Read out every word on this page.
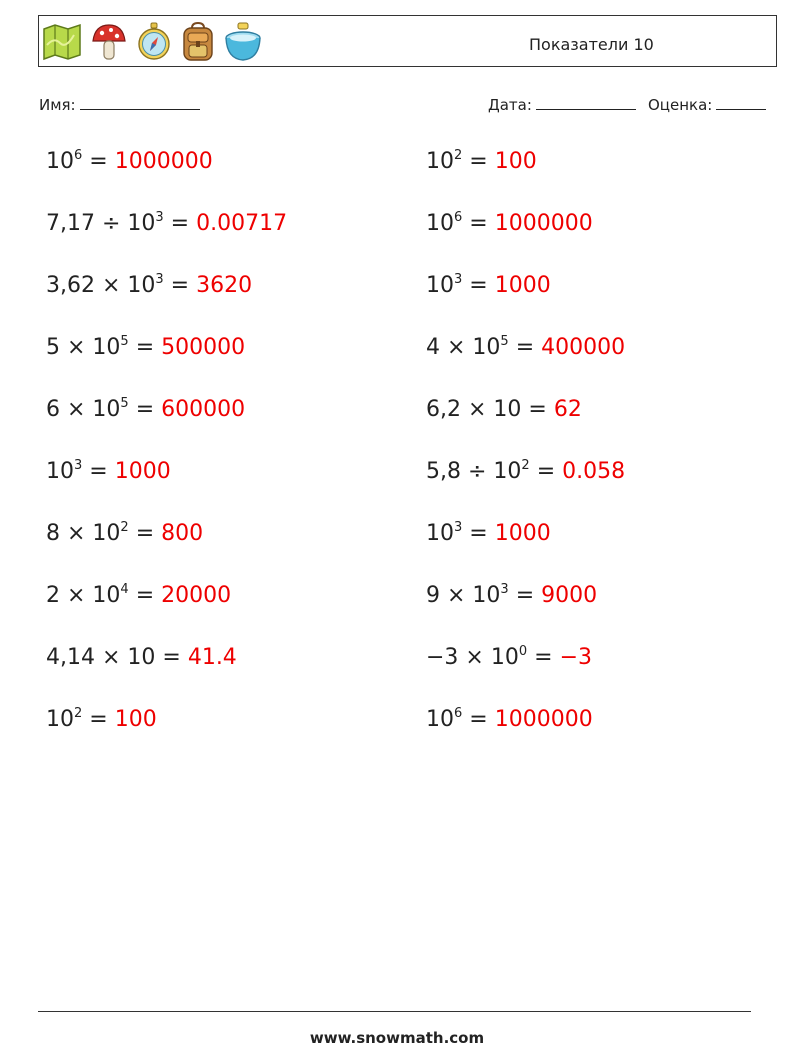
Показатели 10
Имя:	Дата:	Оценка:
$10^6 = 1000000$	$10^2 = 100$
$7,17 \div 10^3 = 0.00717$	$10^6 = 1000000$
$3,62 \times 10^3 = 3620$	$10^3 = 1000$
$5 \times 10^5 = 500000$	$4 \times 10^5 = 400000$
$6 \times 10^5 = 600000$	6,2 × 10 = 62
$10^3 = 1000$	$5,8 \div 10^2 = 0.058$
$8 \times 10^2 = 800$	$10^3 = 1000$
$2 \times 10^4 = 20000$	$9 \times 10^3 = 9000$
4,14 × 10 = 41.4	$-3 \times 10^0 = -3$
$10^2 = 100$	$10^6 = 1000000$
www.snowmath.com
